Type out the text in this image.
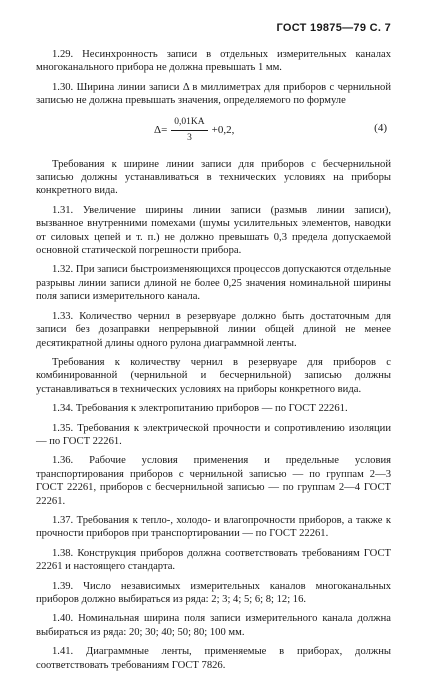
ГОСТ 19875—79 С. 7

1.29. Несинхронность записи в отдельных измерительных каналах многоканального прибора не должна превышать 1 мм.

1.30. Ширина линии записи Δ в миллиметрах для приборов с чернильной записью не должна превышать значения, определяемого по формуле

$\Delta= \frac{0,01KA}{3} +0,2$,	(4)

Требования к ширине линии записи для приборов с бесчернильной записью должны устанавливаться в технических условиях на приборы конкретного вида.

1.31. Увеличение ширины линии записи (размыв линии записи), вызванное внутренними помехами (шумы усилительных элементов, наводки от силовых цепей и т. п.) не должно превышать 0,3 предела допускаемой основной статической погрешности прибора.

1.32. При записи быстроизменяющихся процессов допускаются отдельные разрывы линии записи длиной не более 0,25 значения номинальной ширины поля записи измерительного канала.

1.33. Количество чернил в резервуаре должно быть достаточным для записи без дозаправки непрерывной линии общей длиной не менее десятикратной длины одного рулона диаграммной ленты.

Требования к количеству чернил в резервуаре для приборов с комбинированной (чернильной и бесчернильной) записью должны устанавливаться в технических условиях на приборы конкретного вида.

1.34. Требования к электропитанию приборов — по ГОСТ 22261.

1.35. Требования к электрической прочности и сопротивлению изоляции — по ГОСТ 22261.

1.36. Рабочие условия применения и предельные условия транспортирования приборов с чернильной записью — по группам 2—3 ГОСТ 22261, приборов с бесчернильной записью — по группам 2—4 ГОСТ 22261.

1.37. Требования к тепло-, холодо- и влагопрочности приборов, а также к прочности приборов при транспортировании — по ГОСТ 22261.

1.38. Конструкция приборов должна соответствовать требованиям ГОСТ 22261 и настоящего стандарта.

1.39. Число независимых измерительных каналов многоканальных приборов должно выбираться из ряда: 2; 3; 4; 5; 6; 8; 12; 16.

1.40. Номинальная ширина поля записи измерительного канала должна выбираться из ряда: 20; 30; 40; 50; 80; 100 мм.

1.41. Диаграммные ленты, применяемые в приборах, должны соответствовать требованиям ГОСТ 7826.
